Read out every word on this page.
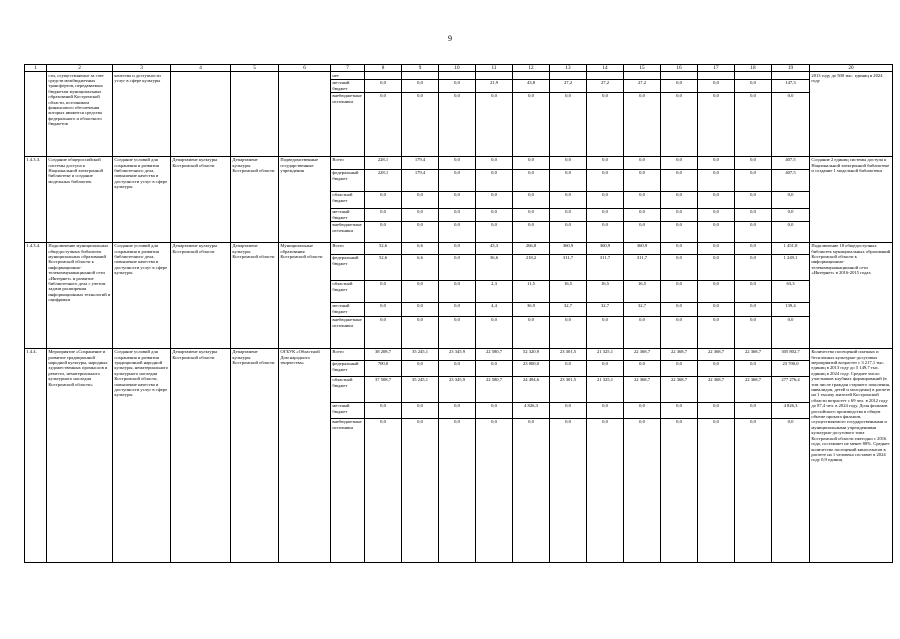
9
1	2	3	4	5	6	7	8	9	10	11	12	13	14	15	16	17	18	19	20
	сти, осуществляемое за счет средств межбюджетных трансфертов, передаваемых бюджетам муниципальных образований Костромской области, источником финансового обеспечения которых являются средства федерального и областного бюджетов	качества и доступности услуг в сфере культуры				нет													2013 году до 500 тыс. единиц в 2024 году
						местный бюджет	0,0	0,0	0,0	21,9	43,8	27,2	27,2	27,2	0,0	0,0	0,0	147,3	
						внебюджетные источники	0,0	0,0	0,0	0,0	0,0	0,0	0,0	0,0	0,0	0,0	0,0	0,0	
1.4.3.3.	Создание общероссийской системы доступа к Национальной электронной библиотеке и создание модельных библиотек	Создание условий для сохранения и развития библиотечного дела, повышение качества и доступности услуг в сфере культуры	Департамент культуры Костромской области	Департамент культуры Костромской области	Подведомственные государственные учреждения	Всего	228,1	179,4	0,0	0,0	0,0	0,0	0,0	0,0	0,0	0,0	0,0	407,5	Создание 2 единиц системы доступа к Национальной электронной библиотеке и создание 1 модельной библиотеки
						федеральный бюджет	228,1	179,4	0,0	0,0	0,0	0,0	0,0	0,0	0,0	0,0	0,0	407,5	
						областной бюджет	0,0	0,0	0,0	0,0	0,0	0,0	0,0	0,0	0,0	0,0	0,0	0,0	
						местный бюджет	0,0	0,0	0,0	0,0	0,0	0,0	0,0	0,0	0,0	0,0	0,0	0,0	
						внебюджетные источники	0,0	0,0	0,0	0,0	0,0	0,0	0,0	0,0	0,0	0,0	0,0	0,0	
1.4.3.4.	Подключение муниципальных общедоступных библиотек муниципальных образований Костромской области к информационно-телекоммуникационной сети «Интернет» и развитие библиотечного дела с учетом задачи расширения информационных технологий и оцифровки	Создание условий для сохранения и развития библиотечного дела, повышение качества и доступности услуг в сфере культуры	Департамент культуры Костромской области	Департамент культуры Костромской области	Муниципальные образования Костромской области	Всего	52,6	6,6	0,0	43,3	266,8	360,9	360,9	360,9	0,0	0,0	0,0	1 451,8	Подключение 18 общедоступных библиотек муниципальных образований Костромской области к информационно-телекоммуникационной сети «Интернет» в 2016-2015 годах
						федеральный бюджет	52,6	6,6	0,0	36,6	218,2	311,7	311,7	311,7	0,0	0,0	0,0	1 249,1	
						областной бюджет	0,0	0,0	0,0	2,3	11,5	16,5	16,5	16,5	0,0	0,0	0,0	63,3	
						местный бюджет	0,0	0,0	0,0	4,4	36,9	32,7	32,7	32,7	0,0	0,0	0,0	139,4	
						внебюджетные источники	0,0	0,0	0,0	0,0	0,0	0,0	0,0	0,0	0,0	0,0	0,0	0,0	
1.4.4.	Мероприятие «Сохранение и развитие традиционной народной культуры, народных художественных промыслов и ремесел, нематериального культурного наследия Костромской области»	Создание условий для сохранения и развития традиционной народной культуры, нематериального культурного наследия Костромской области, повышение качества и доступности услуг в сфере культуры	Департамент культуры Костромской области	Департамент культуры Костромской области	ОГБУК «Областной Дом народного творчества»	Всего	38 208,7	35 245,1	23 345,9	22 580,7	52 320,9	23 301,5	21 325,1	22 368,7	22 368,7	22 368,7	22 368,7	305 802,7	Количество посещений платных и бесплатных культурно-досуговых мероприятий возрастет с 3 217,1 тыс. единиц в 2013 году до 5 149,7 тыс. единиц в 2024 году. Среднее число участников клубных формирований (в том числе граждан старшего поколения, инвалидов, детей и молодежи) в расчете на 1 тысячу жителей Костромской области возрастет с 69 чел. в 2012 году до 87,4 чел. в 2024 году. Доля фильмов российского производства в общем объеме проката фильмов, осуществляемого государственными и муниципальными учреждениями культурно-досугового типа Костромской области ежегодно с 2016 года, составляет не менее 80%. Среднее количество посещений киносеансов в расчете на 1 человека составит в 2024 году 0,9 единиц
						федеральный бюджет	700,0	0,0	0,0	0,0	23 000,0	0,0	0,0	0,0	0,0	0,0	0,0	23 700,0	
						областной бюджет	37 508,7	35 245,1	23 345,9	22 580,7	24 494,6	23 301,5	21 325,1	22 368,7	22 368,7	22 368,7	22 368,7	277 276,4	
						местный бюджет	0,0	0,0	0,0	0,0	4 826,3	0,0	0,0	0,0	0,0	0,0	0,0	4 826,3	
						внебюджетные источники	0,0	0,0	0,0	0,0	0,0	0,0	0,0	0,0	0,0	0,0	0,0	0,0	
